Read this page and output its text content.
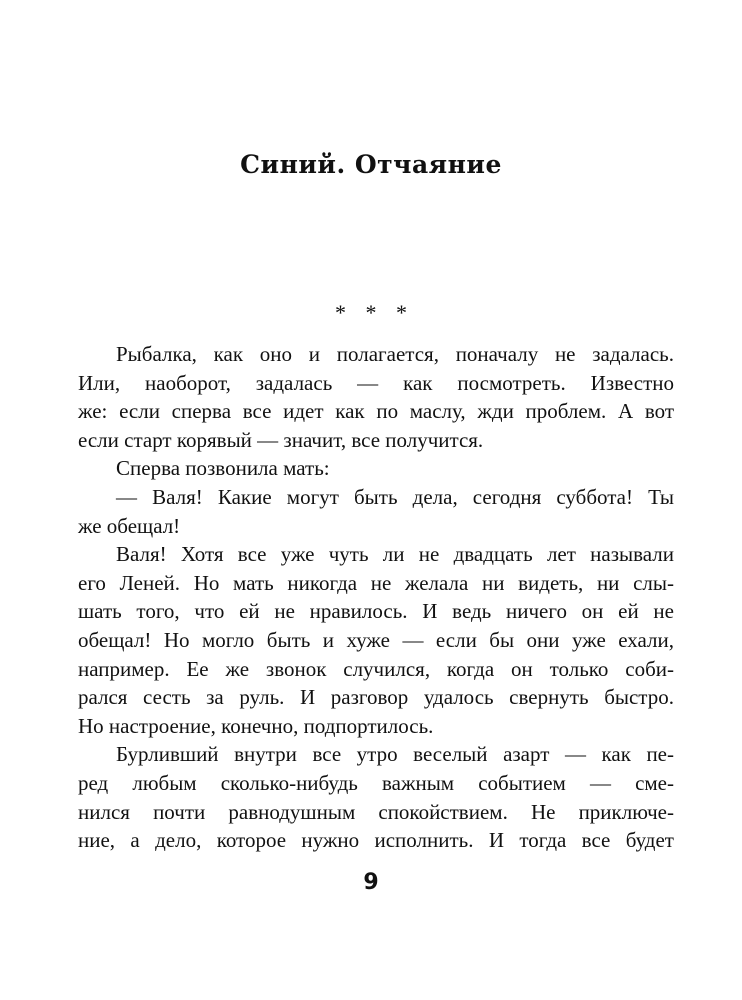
Синий. Отчаяние

* * *

Рыбалка, как оно и полагается, поначалу не задалась.
Или, наоборот, задалась — как посмотреть. Известно
же: если сперва все идет как по маслу, жди проблем. А вот
если старт корявый — значит, все получится.
Сперва позвонила мать:
— Валя! Какие могут быть дела, сегодня суббота! Ты
же обещал!
Валя! Хотя все уже чуть ли не двадцать лет называли
его Леней. Но мать никогда не желала ни видеть, ни слы-
шать того, что ей не нравилось. И ведь ничего он ей не
обещал! Но могло быть и хуже — если бы они уже ехали,
например. Ее же звонок случился, когда он только соби-
рался сесть за руль. И разговор удалось свернуть быстро.
Но настроение, конечно, подпортилось.
Бурливший внутри все утро веселый азарт — как пе-
ред любым сколько-нибудь важным событием — сме-
нился почти равнодушным спокойствием. Не приключе-
ние, а дело, которое нужно исполнить. И тогда все будет

9
